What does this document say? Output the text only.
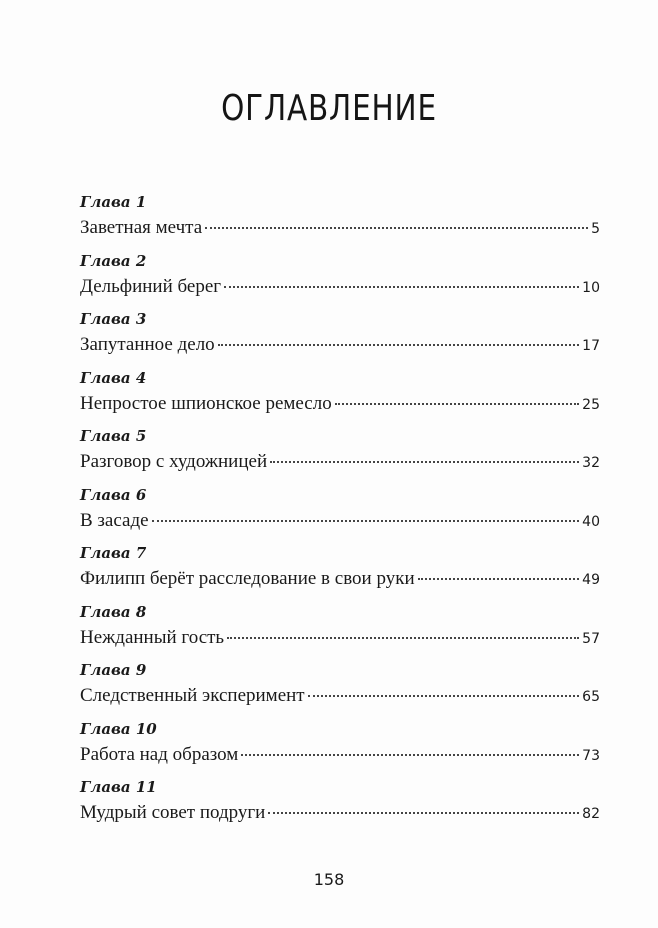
ОГЛАВЛЕНИЕ
Глава 1
Заветная мечта	5
Глава 2
Дельфиний берег	10
Глава 3
Запутанное дело	17
Глава 4
Непростое шпионское ремесло	25
Глава 5
Разговор с художницей	32
Глава 6
В засаде	40
Глава 7
Филипп берёт расследование в свои руки	49
Глава 8
Нежданный гость	57
Глава 9
Следственный эксперимент	65
Глава 10
Работа над образом	73
Глава 11
Мудрый совет подруги	82
158
